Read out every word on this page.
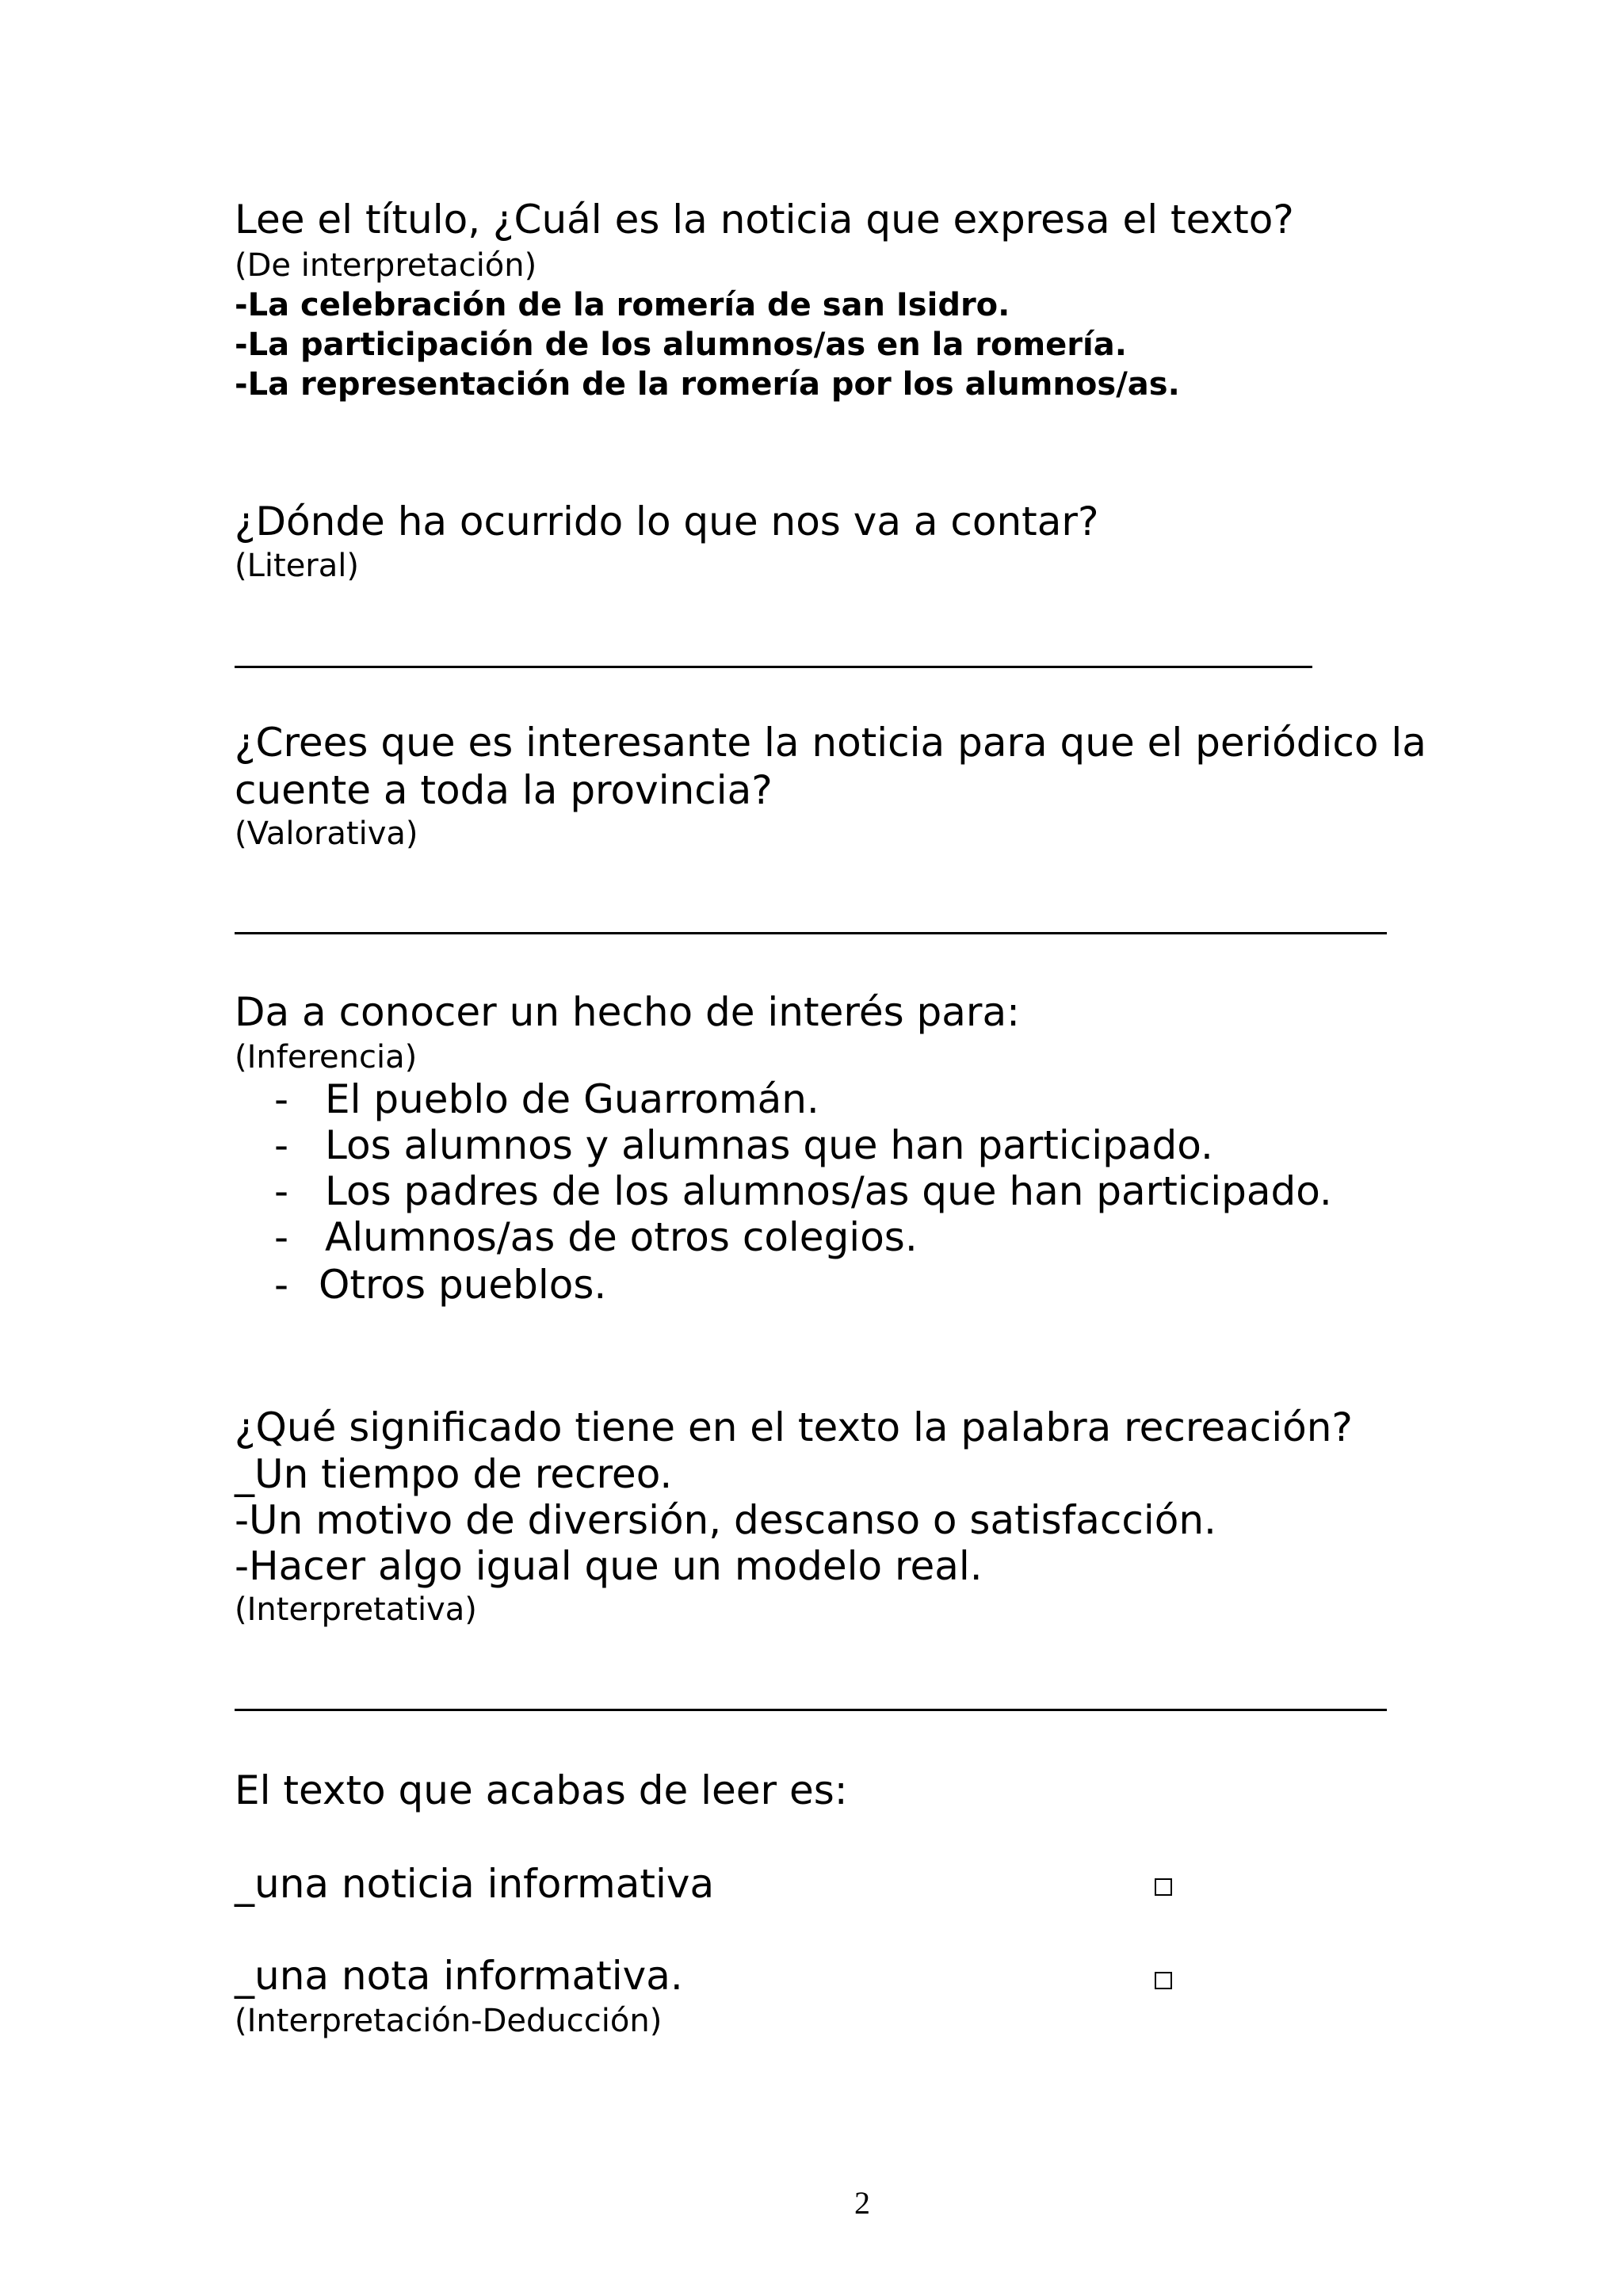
Lee el título, ¿Cuál es la noticia que expresa el texto?
(De interpretación)
-La celebración de la romería de san Isidro.
-La participación de los alumnos/as en la romería.
-La representación de la romería por los alumnos/as.
¿Dónde ha ocurrido lo que nos va a contar?
(Literal)
¿Crees que es interesante la noticia para que el periódico la
cuente a toda la provincia?
(Valorativa)
Da a conocer un hecho de interés para:
(Inferencia)
- El pueblo de Guarromán.
- Los alumnos y alumnas que han participado.
- Los padres de los alumnos/as que han participado.
- Alumnos/as de otros colegios.
- Otros pueblos.
¿Qué significado tiene en el texto la palabra recreación?
_Un tiempo de recreo.
-Un motivo de diversión, descanso o satisfacción.
-Hacer algo igual que un modelo real.
(Interpretativa)
El texto que acabas de leer es:
_una noticia informativa
_una nota informativa.
(Interpretación-Deducción)
2
